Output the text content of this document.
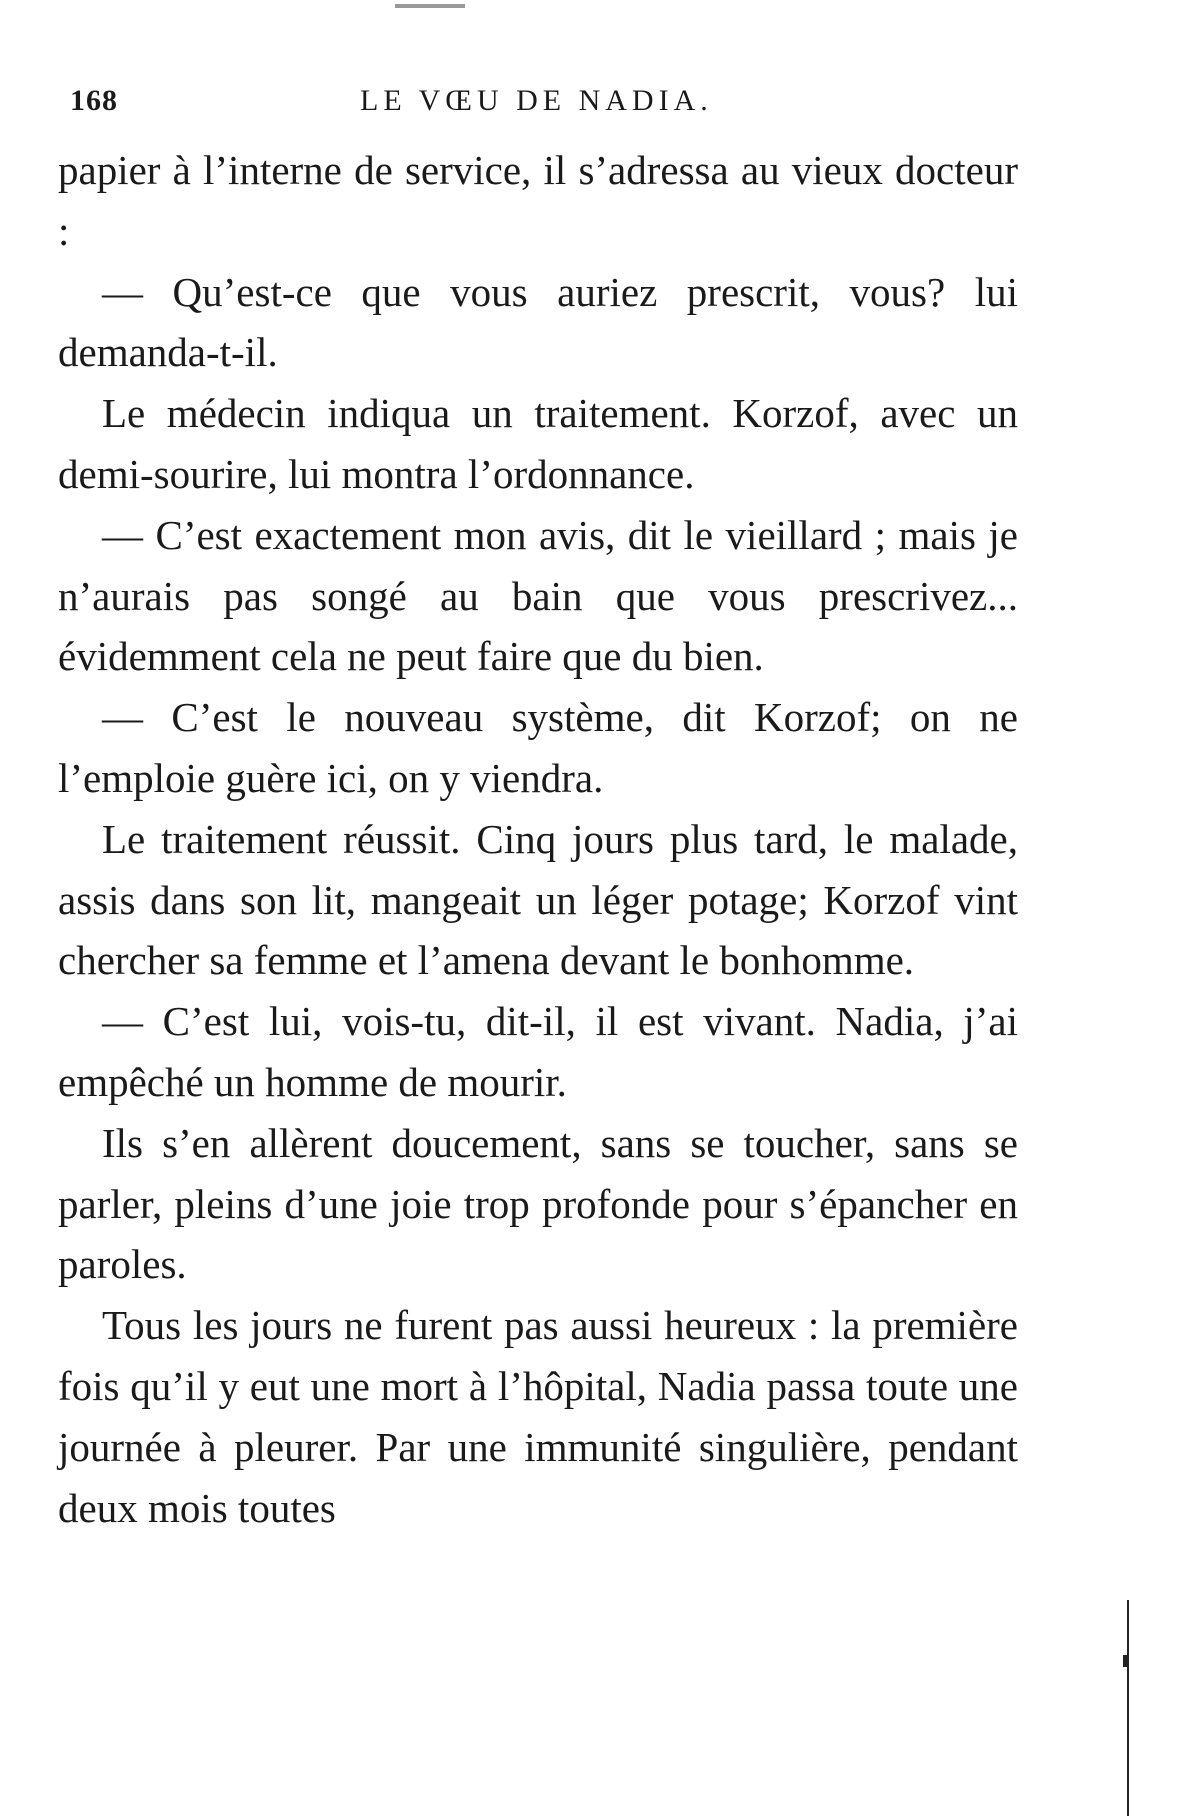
168	LE VŒU DE NADIA.

papier à l’interne de service, il s’adressa au vieux docteur :

— Qu’est-ce que vous auriez prescrit, vous? lui demanda-t-il.

Le médecin indiqua un traitement. Korzof, avec un demi-sourire, lui montra l’ordonnance.

— C’est exactement mon avis, dit le vieillard ; mais je n’aurais pas songé au bain que vous prescrivez... évidemment cela ne peut faire que du bien.

— C’est le nouveau système, dit Korzof; on ne l’emploie guère ici, on y viendra.

Le traitement réussit. Cinq jours plus tard, le malade, assis dans son lit, mangeait un léger potage; Korzof vint chercher sa femme et l’amena devant le bonhomme.

— C’est lui, vois-tu, dit-il, il est vivant. Nadia, j’ai empêché un homme de mourir.

Ils s’en allèrent doucement, sans se toucher, sans se parler, pleins d’une joie trop profonde pour s’épancher en paroles.

Tous les jours ne furent pas aussi heureux : la première fois qu’il y eut une mort à l’hôpital, Nadia passa toute une journée à pleurer. Par une immunité singulière, pendant deux mois toutes
